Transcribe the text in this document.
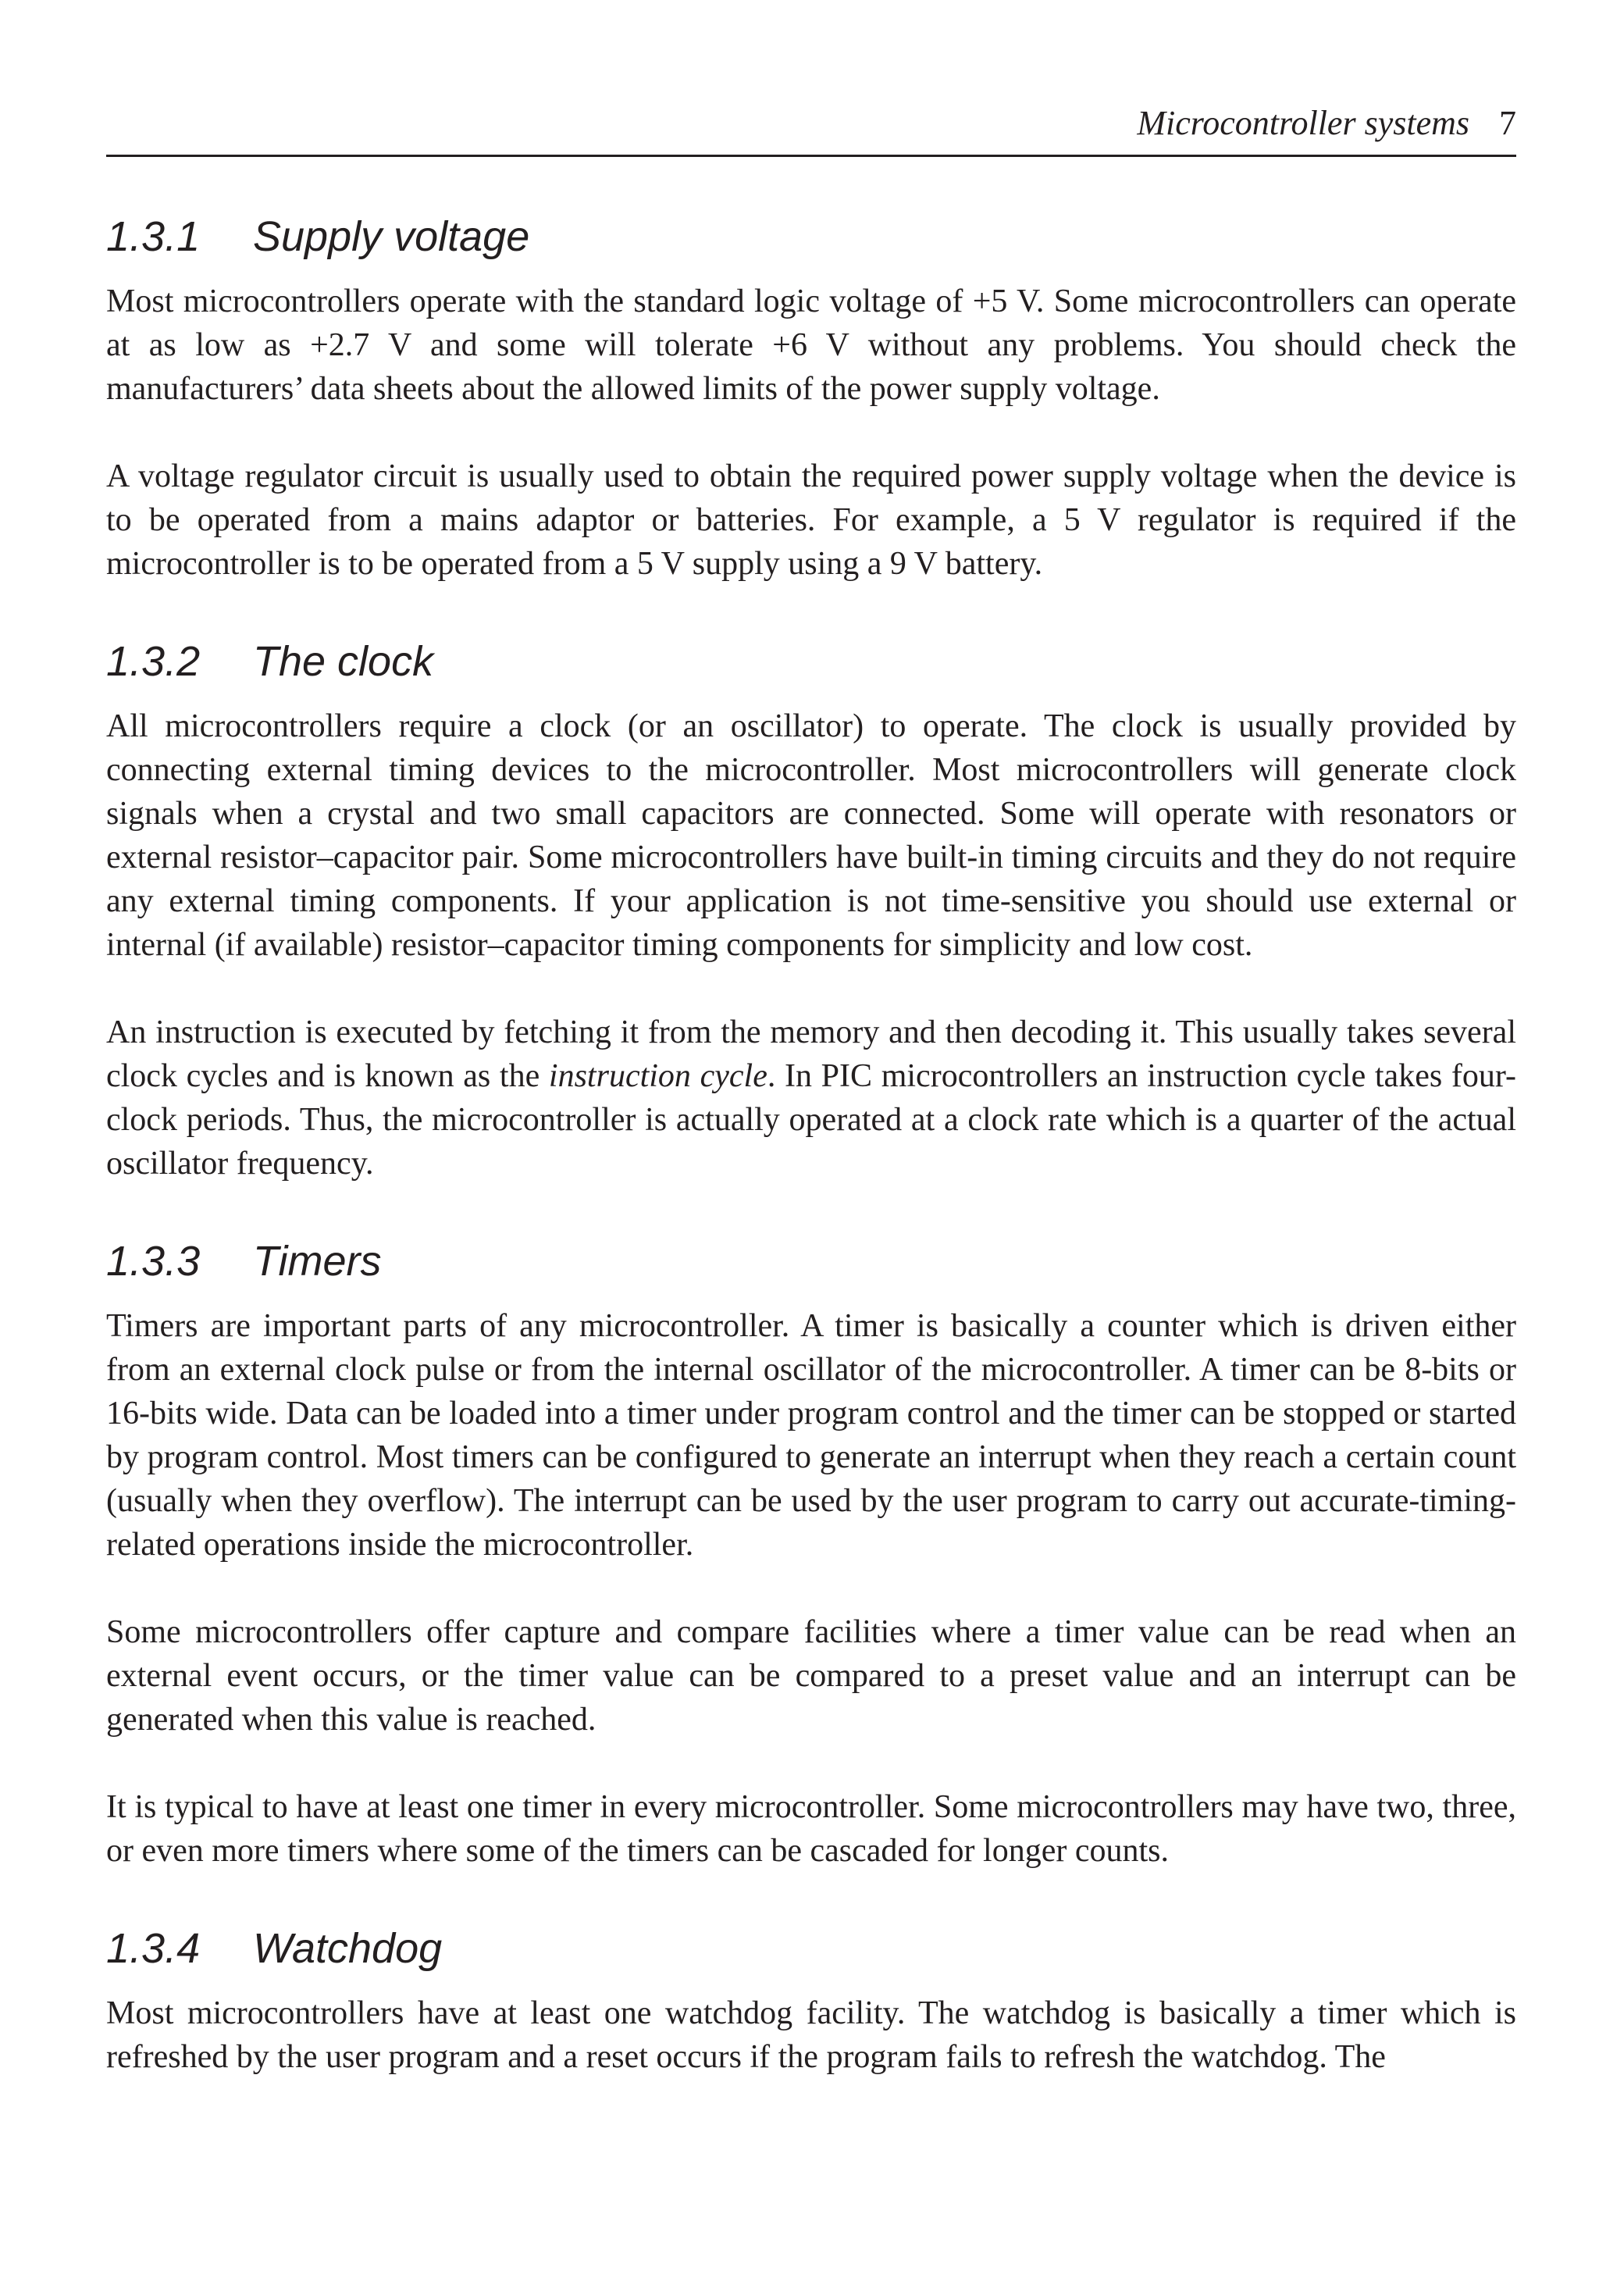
Microcontroller systems 7
1.3.1 Supply voltage

Most microcontrollers operate with the standard logic voltage of +5 V. Some microcontrollers can operate at as low as +2.7 V and some will tolerate +6 V without any problems. You should check the manufacturers’ data sheets about the allowed limits of the power supply voltage.

A voltage regulator circuit is usually used to obtain the required power supply voltage when the device is to be operated from a mains adaptor or batteries. For example, a 5 V regulator is required if the microcontroller is to be operated from a 5 V supply using a 9 V battery.

1.3.2 The clock

All microcontrollers require a clock (or an oscillator) to operate. The clock is usually provided by connecting external timing devices to the microcontroller. Most microcontrollers will generate clock signals when a crystal and two small capacitors are connected. Some will operate with resonators or external resistor–capacitor pair. Some microcontrollers have built-in timing circuits and they do not require any external timing components. If your application is not time-sensitive you should use external or internal (if available) resistor–capacitor timing components for simplicity and low cost.

An instruction is executed by fetching it from the memory and then decoding it. This usually takes several clock cycles and is known as the instruction cycle. In PIC microcontrollers an instruction cycle takes four-clock periods. Thus, the microcontroller is actually operated at a clock rate which is a quarter of the actual oscillator frequency.

1.3.3 Timers

Timers are important parts of any microcontroller. A timer is basically a counter which is driven either from an external clock pulse or from the internal oscillator of the microcontroller. A timer can be 8-bits or 16-bits wide. Data can be loaded into a timer under program control and the timer can be stopped or started by program control. Most timers can be configured to generate an interrupt when they reach a certain count (usually when they overflow). The interrupt can be used by the user program to carry out accurate-timing-related operations inside the microcontroller.

Some microcontrollers offer capture and compare facilities where a timer value can be read when an external event occurs, or the timer value can be compared to a preset value and an interrupt can be generated when this value is reached.

It is typical to have at least one timer in every microcontroller. Some microcontrollers may have two, three, or even more timers where some of the timers can be cascaded for longer counts.

1.3.4 Watchdog

Most microcontrollers have at least one watchdog facility. The watchdog is basically a timer which is refreshed by the user program and a reset occurs if the program fails to refresh the watchdog. The
